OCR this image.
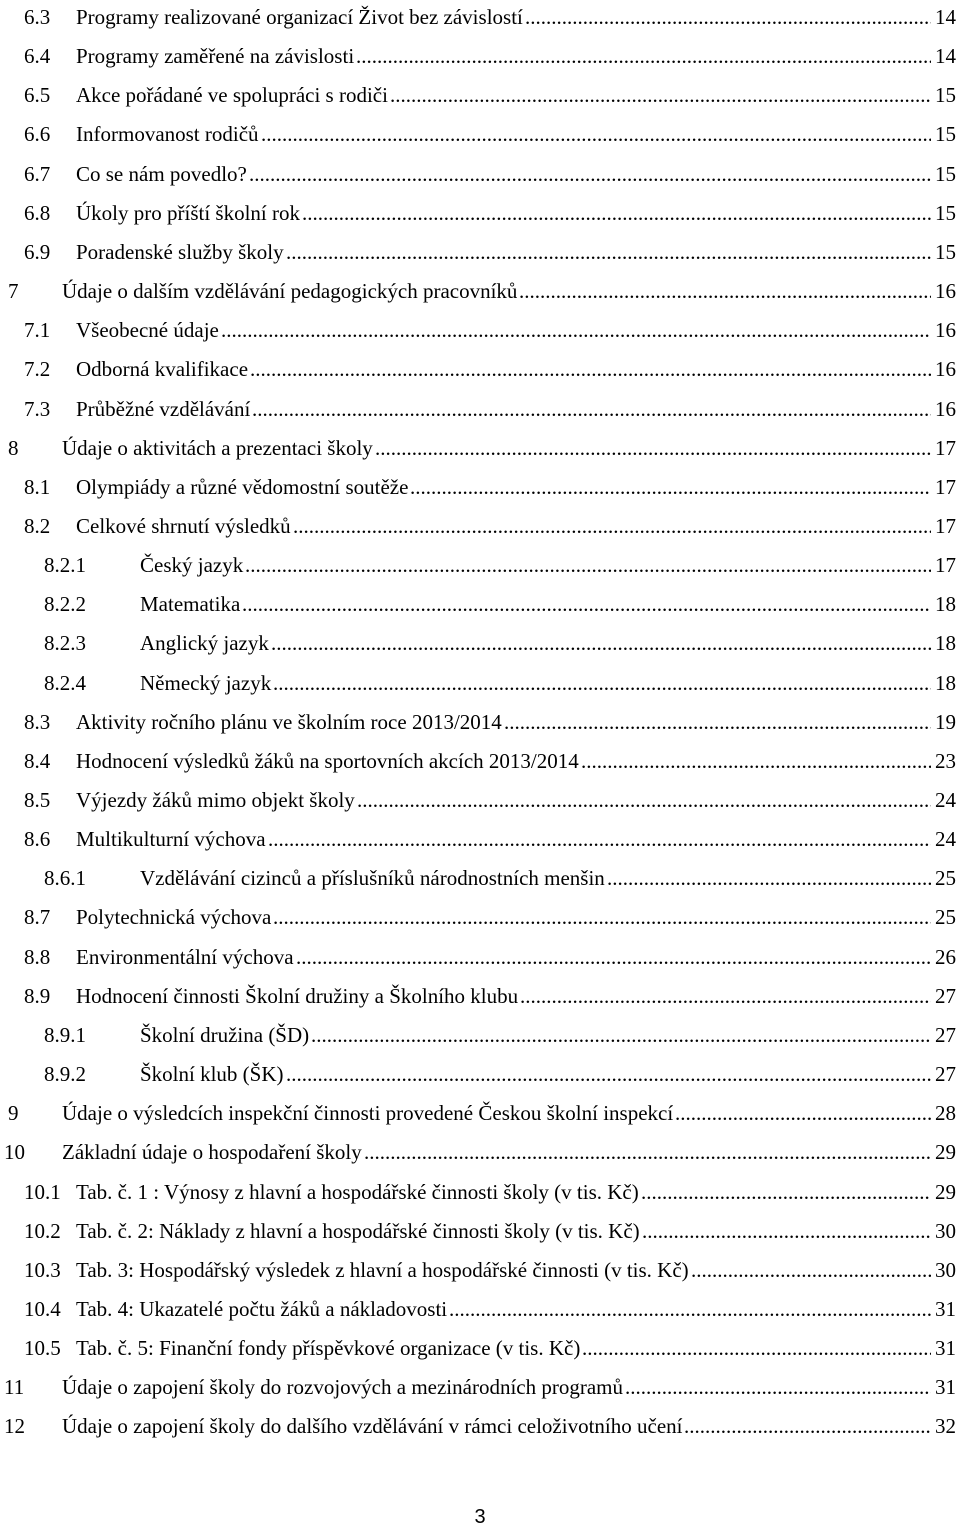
6.3 Programy realizované organizací Život bez závislostí .....	14
6.4 Programy zaměřené na závislosti .....	14
6.5 Akce pořádané ve spolupráci s rodiči .....	15
6.6 Informovanost rodičů .....	15
6.7 Co se nám povedlo? .....	15
6.8 Úkoly pro příští školní rok .....	15
6.9 Poradenské služby školy .....	15
7 Údaje o dalším vzdělávání pedagogických pracovníků .....	16
7.1 Všeobecné údaje .....	16
7.2 Odborná kvalifikace .....	16
7.3 Průběžné vzdělávání .....	16
8 Údaje o aktivitách a prezentaci školy .....	17
8.1 Olympiády a různé vědomostní soutěže .....	17
8.2 Celkové shrnutí výsledků .....	17
8.2.1	Český jazyk .....	17
8.2.2	Matematika .....	18
8.2.3	Anglický jazyk .....	18
8.2.4	Německý jazyk .....	18
8.3 Aktivity ročního plánu ve školním roce 2013/2014 .....	19
8.4 Hodnocení výsledků žáků na sportovních akcích 2013/2014 .....	23
8.5 Výjezdy žáků mimo objekt školy .....	24
8.6 Multikulturní výchova .....	24
8.6.1	Vzdělávání cizinců a příslušníků národnostních menšin .....	25
8.7 Polytechnická výchova .....	25
8.8 Environmentální výchova .....	26
8.9 Hodnocení činnosti Školní družiny a Školního klubu .....	27
8.9.1	Školní družina (ŠD) .....	27
8.9.2	Školní klub (ŠK) .....	27
9 Údaje o výsledcích inspekční činnosti provedené Českou školní inspekcí .....	28
10 Základní údaje o hospodaření školy .....	29
10.1 Tab. č. 1 : Výnosy z hlavní a hospodářské činnosti školy (v tis. Kč) .....	29
10.2 Tab. č. 2: Náklady z hlavní a hospodářské činnosti školy (v tis. Kč) .....	30
10.3 Tab. 3: Hospodářský výsledek z hlavní a hospodářské činnosti (v tis. Kč) .....	30
10.4 Tab. 4: Ukazatelé počtu žáků a nákladovosti .....	31
10.5 Tab. č. 5: Finanční fondy příspěvkové organizace (v tis. Kč) .....	31
11 Údaje o zapojení školy do rozvojových a mezinárodních programů .....	31
12 Údaje o zapojení školy do dalšího vzdělávání v rámci celoživotního učení .....	32
3
